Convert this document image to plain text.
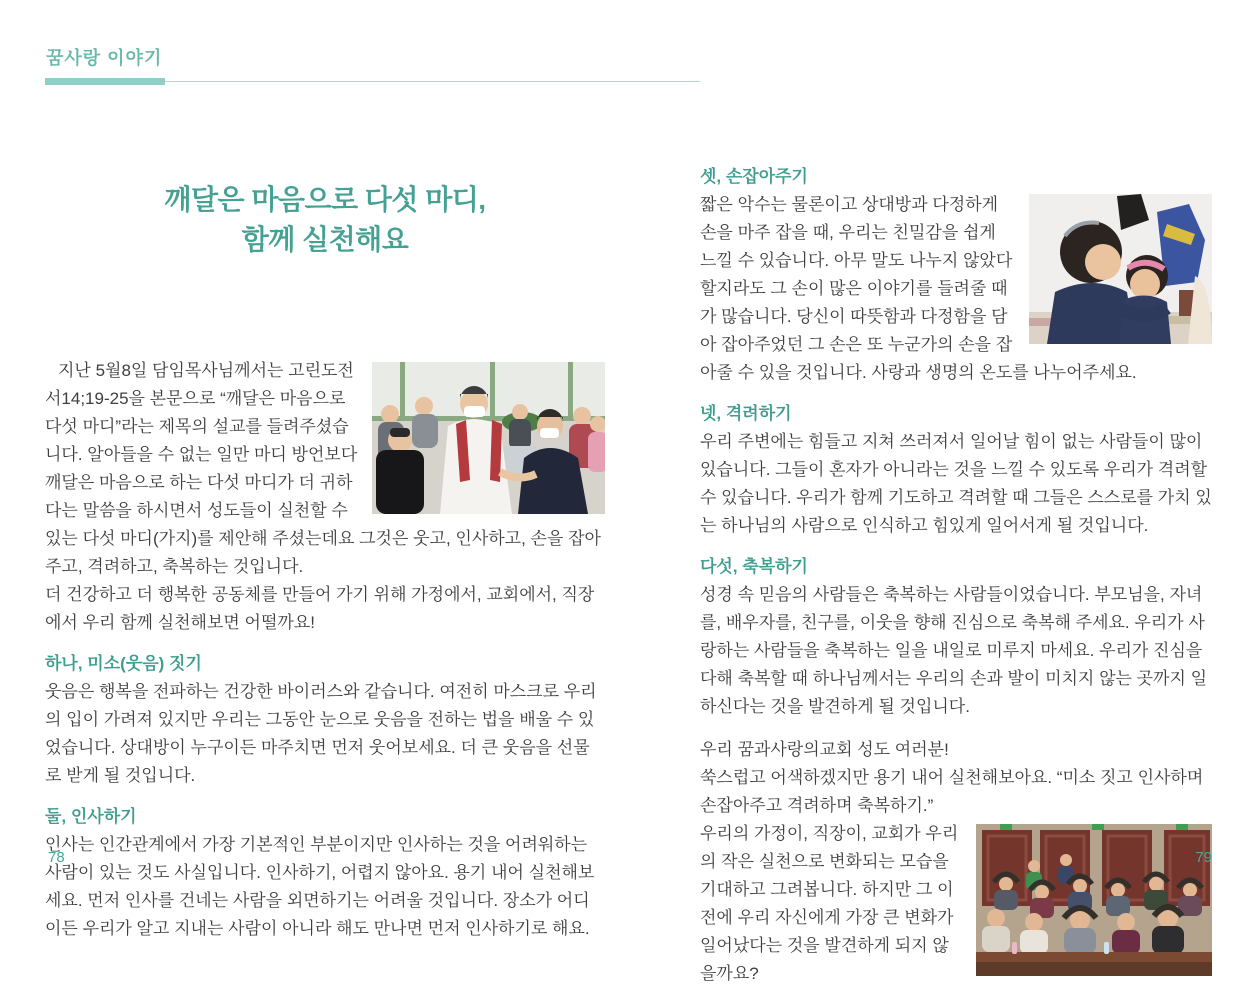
꿈사랑 이야기
깨달은 마음으로 다섯 마디,
함께 실천해요

지난 5월8일 담임목사님께서는 고린도전서14;19-25을 본문으로 “깨달은 마음으로 다섯 마디”라는 제목의 설교를 들려주셨습니다. 알아들을 수 없는 일만 마디 방언보다 깨달은 마음으로 하는 다섯 마디가 더 귀하다는 말씀을 하시면서 성도들이 실천할 수 있는 다섯 마디(가지)를 제안해 주셨는데요 그것은 웃고, 인사하고, 손을 잡아주고, 격려하고, 축복하는 것입니다.

더 건강하고 더 행복한 공동체를 만들어 가기 위해 가정에서, 교회에서, 직장에서 우리 함께 실천해보면 어떨까요!

하나, 미소(웃음) 짓기

웃음은 행복을 전파하는 건강한 바이러스와 같습니다. 여전히 마스크로 우리의 입이 가려져 있지만 우리는 그동안 눈으로 웃음을 전하는 법을 배울 수 있었습니다. 상대방이 누구이든 마주치면 먼저 웃어보세요. 더 큰 웃음을 선물로 받게 될 것입니다.

둘, 인사하기

인사는 인간관계에서 가장 기본적인 부분이지만 인사하는 것을 어려워하는 사람이 있는 것도 사실입니다. 인사하기, 어렵지 않아요. 용기 내어 실천해보세요. 먼저 인사를 건네는 사람을 외면하기는 어려울 것입니다. 장소가 어디이든 우리가 알고 지내는 사람이 아니라 해도 만나면 먼저 인사하기로 해요.

셋, 손잡아주기

짧은 악수는 물론이고 상대방과 다정하게 손을 마주 잡을 때, 우리는 친밀감을 쉽게 느낄 수 있습니다. 아무 말도 나누지 않았다 할지라도 그 손이 많은 이야기를 들려줄 때가 많습니다. 당신이 따뜻함과 다정함을 담아 잡아주었던 그 손은 또 누군가의 손을 잡아줄 수 있을 것입니다. 사랑과 생명의 온도를 나누어주세요.

넷, 격려하기

우리 주변에는 힘들고 지쳐 쓰러져서 일어날 힘이 없는 사람들이 많이 있습니다. 그들이 혼자가 아니라는 것을 느낄 수 있도록 우리가 격려할 수 있습니다. 우리가 함께 기도하고 격려할 때 그들은 스스로를 가치 있는 하나님의 사람으로 인식하고 힘있게 일어서게 될 것입니다.

다섯, 축복하기

성경 속 믿음의 사람들은 축복하는 사람들이었습니다. 부모님을, 자녀를, 배우자를, 친구를, 이웃을 향해 진심으로 축복해 주세요. 우리가 사랑하는 사람들을 축복하는 일을 내일로 미루지 마세요. 우리가 진심을 다해 축복할 때 하나님께서는 우리의 손과 발이 미치지 않는 곳까지 일하신다는 것을 발견하게 될 것입니다.

우리 꿈과사랑의교회 성도 여러분!

쑥스럽고 어색하겠지만 용기 내어 실천해보아요. “미소 짓고 인사하며 손잡아주고 격려하며 축복하기.”

우리의 가정이, 직장이, 교회가 우리의 작은 실천으로 변화되는 모습을 기대하고 그려봅니다. 하지만 그 이전에 우리 자신에게 가장 큰 변화가 일어났다는 것을 발견하게 되지 않을까요?

78	79
